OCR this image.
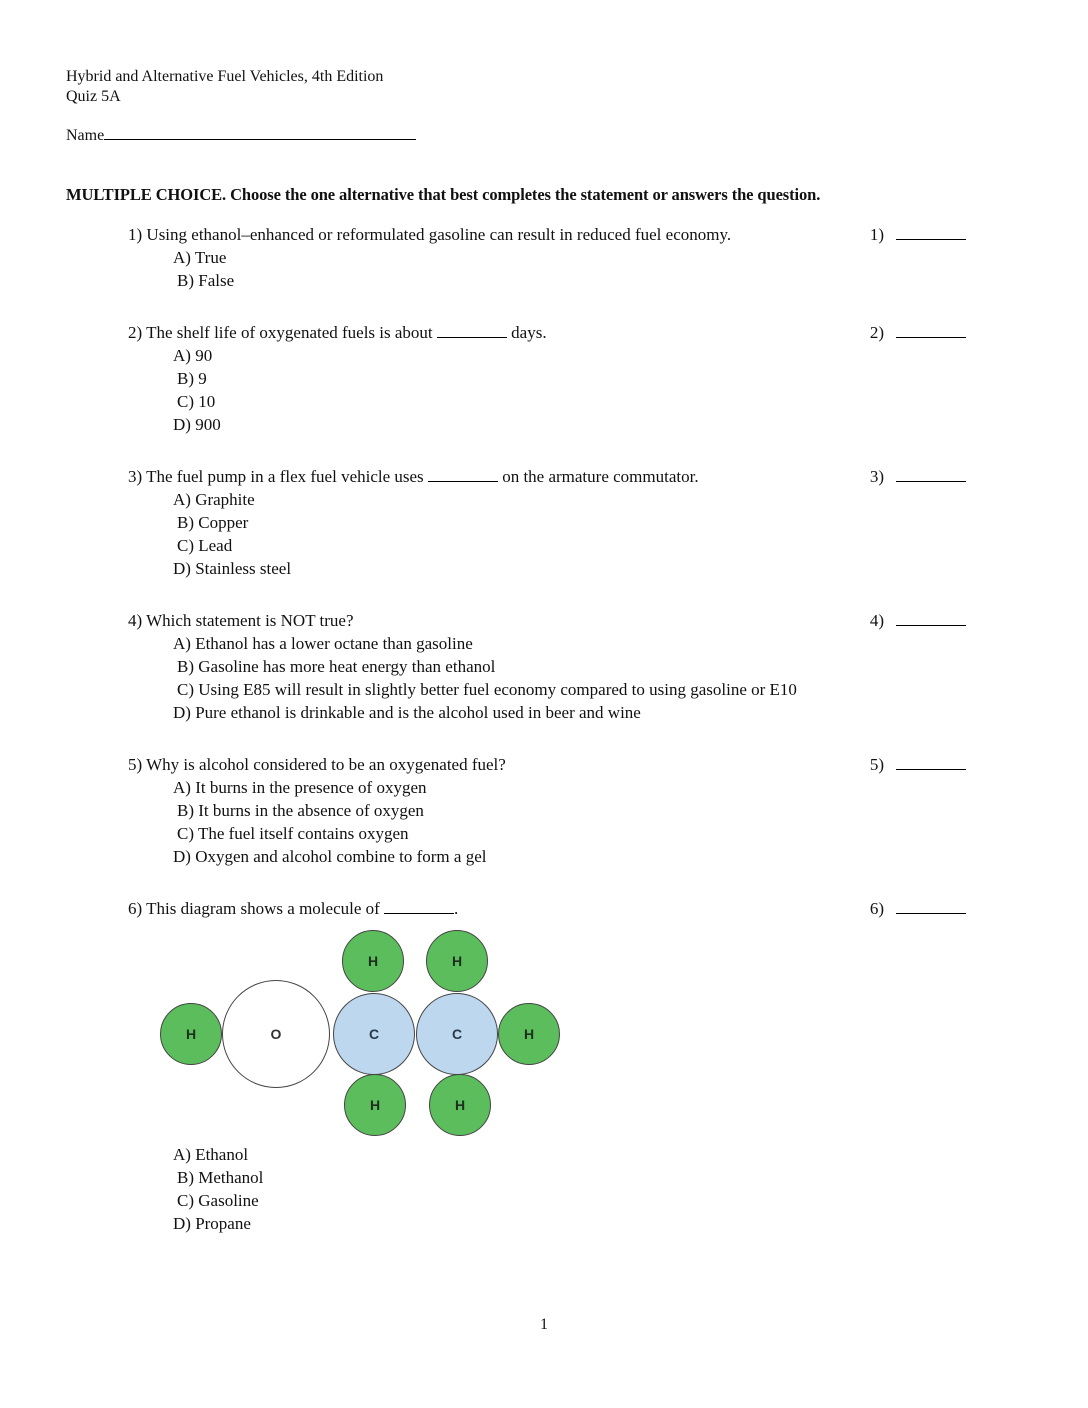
Hybrid and Alternative Fuel Vehicles, 4th Edition
Quiz 5A
Name
MULTIPLE CHOICE. Choose the one alternative that best completes the statement or answers the question.
1) Using ethanol–enhanced or reformulated gasoline can result in reduced fuel economy.
A) True
B) False
1)
2) The shelf life of oxygenated fuels is about	days.
A) 90
B) 9
C) 10
D) 900
2)
3) The fuel pump in a flex fuel vehicle uses	on the armature commutator.
A) Graphite
B) Copper
C) Lead
D) Stainless steel
3)
4) Which statement is NOT true?
A) Ethanol has a lower octane than gasoline
B) Gasoline has more heat energy than ethanol
C) Using E85 will result in slightly better fuel economy compared to using gasoline or E10
D) Pure ethanol is drinkable and is the alcohol used in beer and wine
4)
5) Why is alcohol considered to be an oxygenated fuel?
A) It burns in the presence of oxygen
B) It burns in the absence of oxygen
C) The fuel itself contains oxygen
D) Oxygen and alcohol combine to form a gel
5)
6) This diagram shows a molecule of	.	6)
H	O	C	C	H
H	H
H	H
A) Ethanol
B) Methanol
C) Gasoline
D) Propane
1
